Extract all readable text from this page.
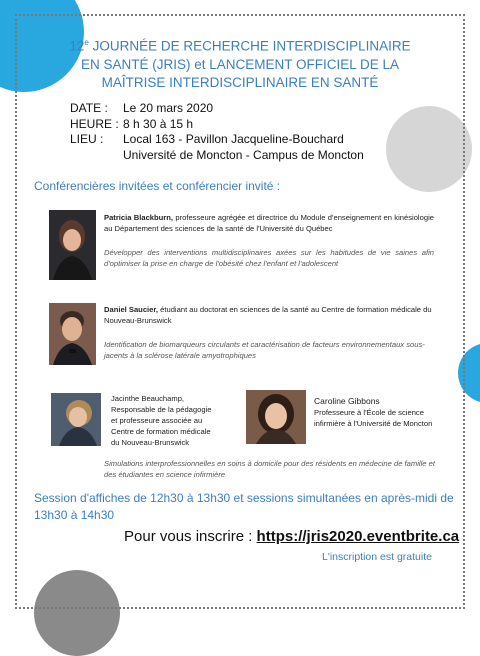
12e JOURNÉE DE RECHERCHE INTERDISCIPLINAIRE
EN SANTÉ (JRIS) et LANCEMENT OFFICIEL DE LA
MAÎTRISE INTERDISCIPLINAIRE EN SANTÉ
DATE :	Le 20 mars 2020
HEURE : 8 h 30 à 15 h
LIEU :	Local 163 - Pavillon Jacqueline-Bouchard
Université de Moncton - Campus de Moncton
Conférencières invitées et conférencier invité :
Patricia Blackburn, professeure agrégée et directrice du Module d'enseignement en kinésiologie au Département des sciences de la santé de l'Université du Québec
Développer des interventions multidisciplinaires axées sur les habitudes de vie saines afin d'optimiser la prise en charge de l'obésité chez l'enfant et l'adolescent
Daniel Saucier, étudiant au doctorat en sciences de la santé au Centre de formation médicale du Nouveau-Brunswick
Identification de biomarqueurs circulants et caractérisation de facteurs environnementaux sous-jacents à la sclérose latérale amyotrophiques
Jacinthe Beauchamp,
Responsable de la pédagogie
et professeure associée au
Centre de formation médicale
du Nouveau-Brunswick
Caroline Gibbons
Professeure à l'École de science
infirmière à l'Université de Moncton
Simulations interprofessionnelles en soins à domicile pour des résidents en médecine de famille et des étudiantes en science infirmière
Session d'affiches de 12h30 à 13h30 et sessions simultanées en après-midi de 13h30 à 14h30
Pour vous inscrire : https://jris2020.eventbrite.ca
L'inscription est gratuite
